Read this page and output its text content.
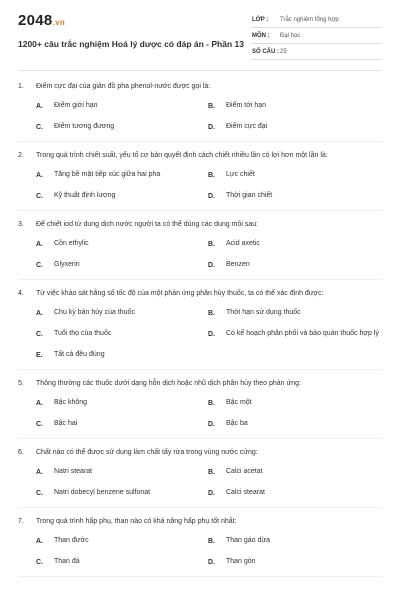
2048.vn
1200+ câu trắc nghiệm Hoá lý dược có đáp án - Phần 13
LỚP :	Trắc nghiệm tổng hợp
MÔN :	Đại học
SỐ CÂU : 25
1.	Điểm cực đại của giản đồ pha phenol-nước được gọi là:
A.	Điểm giới hạn	B.	Điểm tới hạn
C.	Điểm tương đương	D.	Điểm cực đại
2.	Trong quá trình chiết suất, yếu tố cơ bản quyết định cách chiết nhiều lần có lợi hơn một lần là:
A.	Tăng bề mặt tiếp xúc giữa hai pha	B.	Lực chiết
C.	Kỹ thuật định lượng	D.	Thời gian chiết
3.	Để chiết iod từ dung dịch nước người ta có thể dùng các dung môi sau:
A.	Cồn ethylic	B.	Acid axetic
C.	Glyxerin	D.	Benzen
4.	Từ việc khảo sát hằng số tốc độ của một phản ứng phân hủy thuốc, ta có thể xác định được:
A.	Chu kỳ bán hủy của thuốc	B.	Thời hạn sử dụng thuốc
C.	Tuổi thọ của thuốc	D.	Có kế hoạch phân phối và bảo quản thuốc hợp lý
E.	Tất cả đều đúng
5.	Thông thường các thuốc dưới dạng hỗn dịch hoặc nhũ dịch phân hủy theo phản ứng:
A.	Bậc không	B.	Bậc một
C.	Bậc hai	D.	Bậc ba
6.	Chất nào có thể được sử dụng làm chất tẩy rửa trong vùng nước cứng:
A.	Natri stearat	B.	Calci acetat
C.	Natri dobecyl benzene sulfonat	D.	Calci stearat
7.	Trong quá trình hấp phụ, than nào có khả năng hấp phụ tốt nhất:
A.	Than đước	B.	Than gáo dừa
C.	Than đá	D.	Than gòn
